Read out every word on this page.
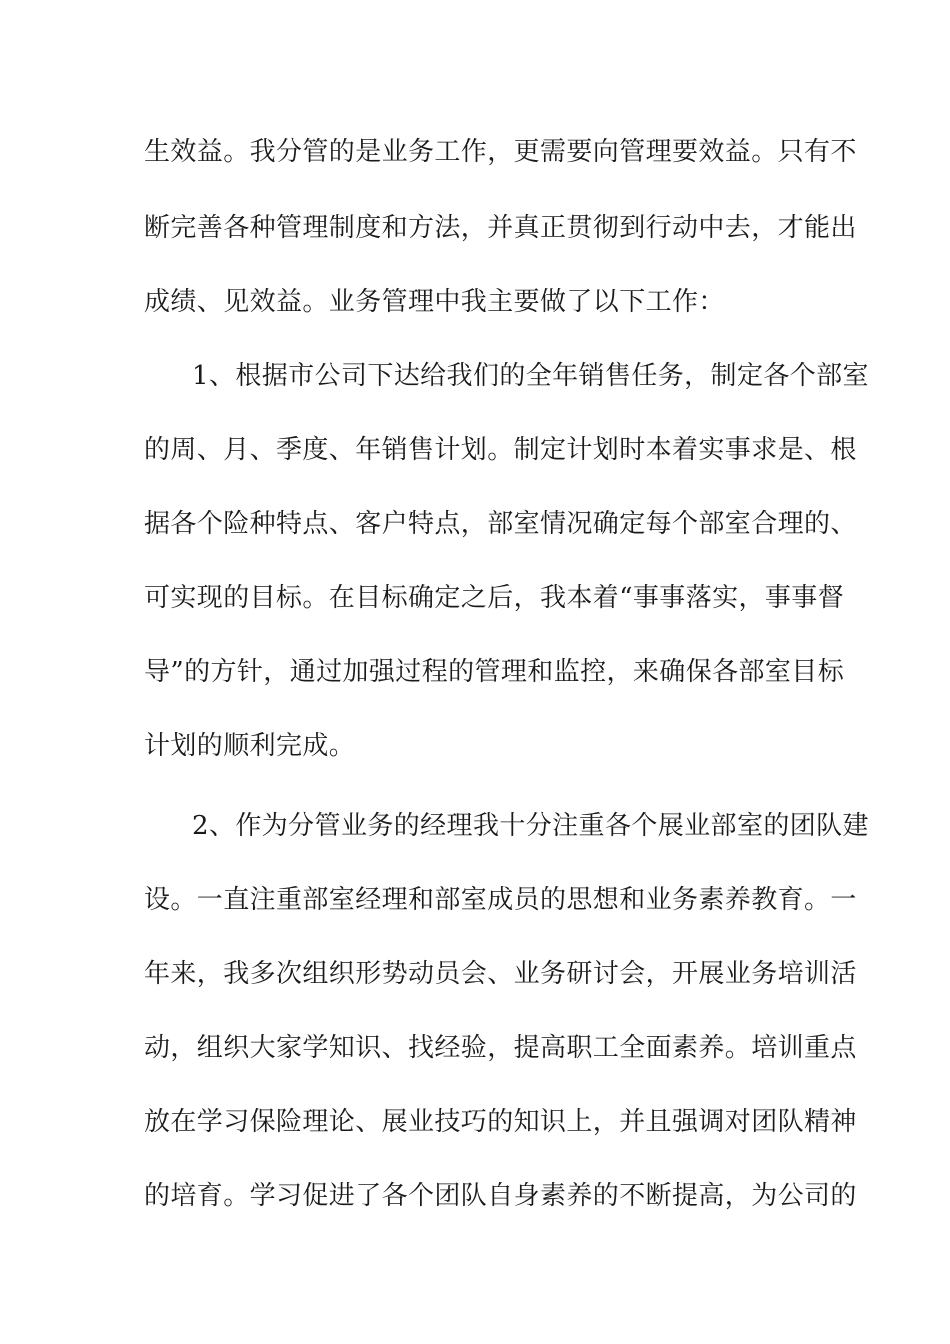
生效益。我分管的是业务工作，更需要向管理要效益。只有不
断完善各种管理制度和方法，并真正贯彻到行动中去，才能出
成绩、见效益。业务管理中我主要做了以下工作：
1、根据市公司下达给我们的全年销售任务，制定各个部室
的周、月、季度、年销售计划。制定计划时本着实事求是、根
据各个险种特点、客户特点，部室情况确定每个部室合理的、
可实现的目标。在目标确定之后，我本着“事事落实，事事督
导”的方针，通过加强过程的管理和监控，来确保各部室目标
计划的顺利完成。
2、作为分管业务的经理我十分注重各个展业部室的团队建
设。一直注重部室经理和部室成员的思想和业务素养教育。一
年来，我多次组织形势动员会、业务研讨会，开展业务培训活
动，组织大家学知识、找经验，提高职工全面素养。培训重点
放在学习保险理论、展业技巧的知识上，并且强调对团队精神
的培育。学习促进了各个团队自身素养的不断提高，为公司的
